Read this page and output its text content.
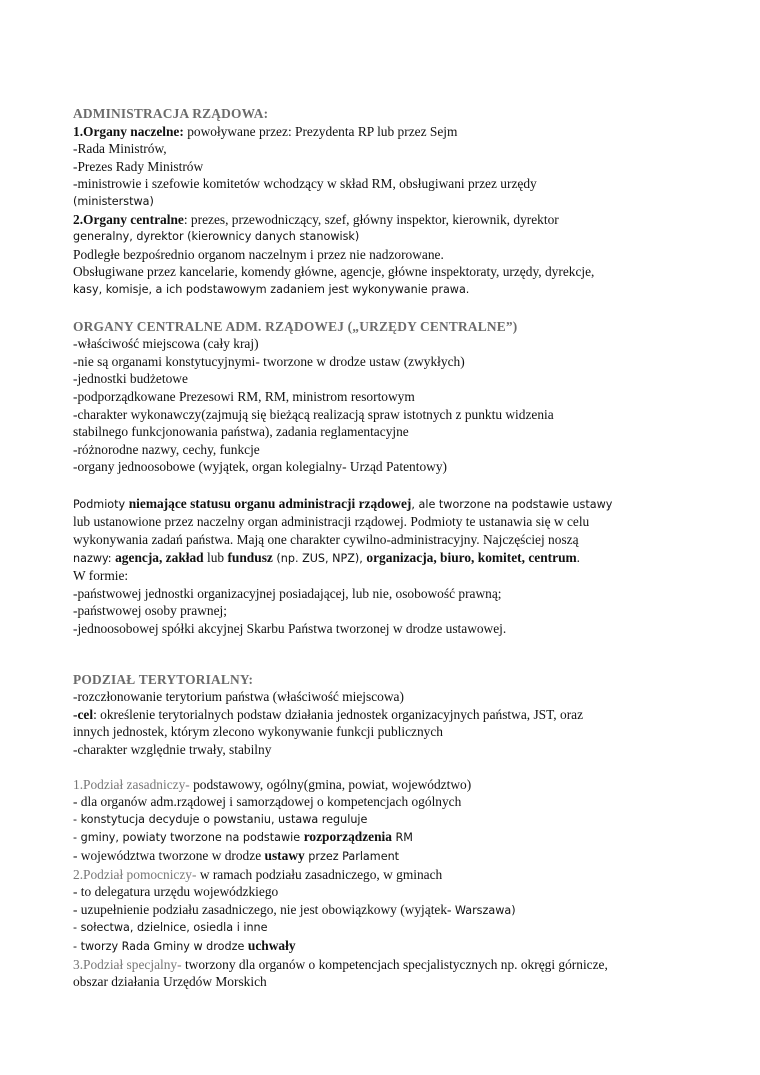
ADMINISTRACJA RZĄDOWA:
1.Organy naczelne: powoływane przez: Prezydenta RP lub przez Sejm
-Rada Ministrów,
-Prezes Rady Ministrów
-ministrowie i szefowie komitetów wchodzący w skład RM, obsługiwani przez urzędy
(ministerstwa)
2.Organy centralne: prezes, przewodniczący, szef, główny inspektor, kierownik, dyrektor
generalny, dyrektor (kierownicy danych stanowisk)
Podległe bezpośrednio organom naczelnym i przez nie nadzorowane.
Obsługiwane przez kancelarie, komendy główne, agencje, główne inspektoraty, urzędy, dyrekcje,
kasy, komisje, a ich podstawowym zadaniem jest wykonywanie prawa.
ORGANY CENTRALNE ADM. RZĄDOWEJ („URZĘDY CENTRALNE”)
-właściwość miejscowa (cały kraj)
-nie są organami konstytucyjnymi- tworzone w drodze ustaw (zwykłych)
-jednostki budżetowe
-podporządkowane Prezesowi RM, RM, ministrom resortowym
-charakter wykonawczy(zajmują się bieżącą realizacją spraw istotnych z punktu widzenia
stabilnego funkcjonowania państwa), zadania reglamentacyjne
-różnorodne nazwy, cechy, funkcje
-organy jednoosobowe (wyjątek, organ kolegialny- Urząd Patentowy)
Podmioty niemające statusu organu administracji rządowej, ale tworzone na podstawie ustawy
lub ustanowione przez naczelny organ administracji rządowej. Podmioty te ustanawia się w celu
wykonywania zadań państwa. Mają one charakter cywilno-administracyjny. Najczęściej noszą
nazwy: agencja, zakład lub fundusz (np. ZUS, NPZ), organizacja, biuro, komitet, centrum.
W formie:
-państwowej jednostki organizacyjnej posiadającej, lub nie, osobowość prawną;
-państwowej osoby prawnej;
-jednoosobowej spółki akcyjnej Skarbu Państwa tworzonej w drodze ustawowej.
PODZIAŁ TERYTORIALNY:
-rozczłonowanie terytorium państwa (właściwość miejscowa)
-cel: określenie terytorialnych podstaw działania jednostek organizacyjnych państwa, JST, oraz
innych jednostek, którym zlecono wykonywanie funkcji publicznych
-charakter względnie trwały, stabilny
1.Podział zasadniczy- podstawowy, ogólny(gmina, powiat, województwo)
- dla organów adm.rządowej i samorządowej o kompetencjach ogólnych
- konstytucja decyduje o powstaniu, ustawa reguluje
- gminy, powiaty tworzone na podstawie rozporządzenia RM
- województwa tworzone w drodze ustawy przez Parlament
2.Podział pomocniczy- w ramach podziału zasadniczego, w gminach
- to delegatura urzędu wojewódzkiego
- uzupełnienie podziału zasadniczego, nie jest obowiązkowy (wyjątek- Warszawa)
- sołectwa, dzielnice, osiedla i inne
- tworzy Rada Gminy w drodze uchwały
3.Podział specjalny- tworzony dla organów o kompetencjach specjalistycznych np. okręgi górnicze,
obszar działania Urzędów Morskich
